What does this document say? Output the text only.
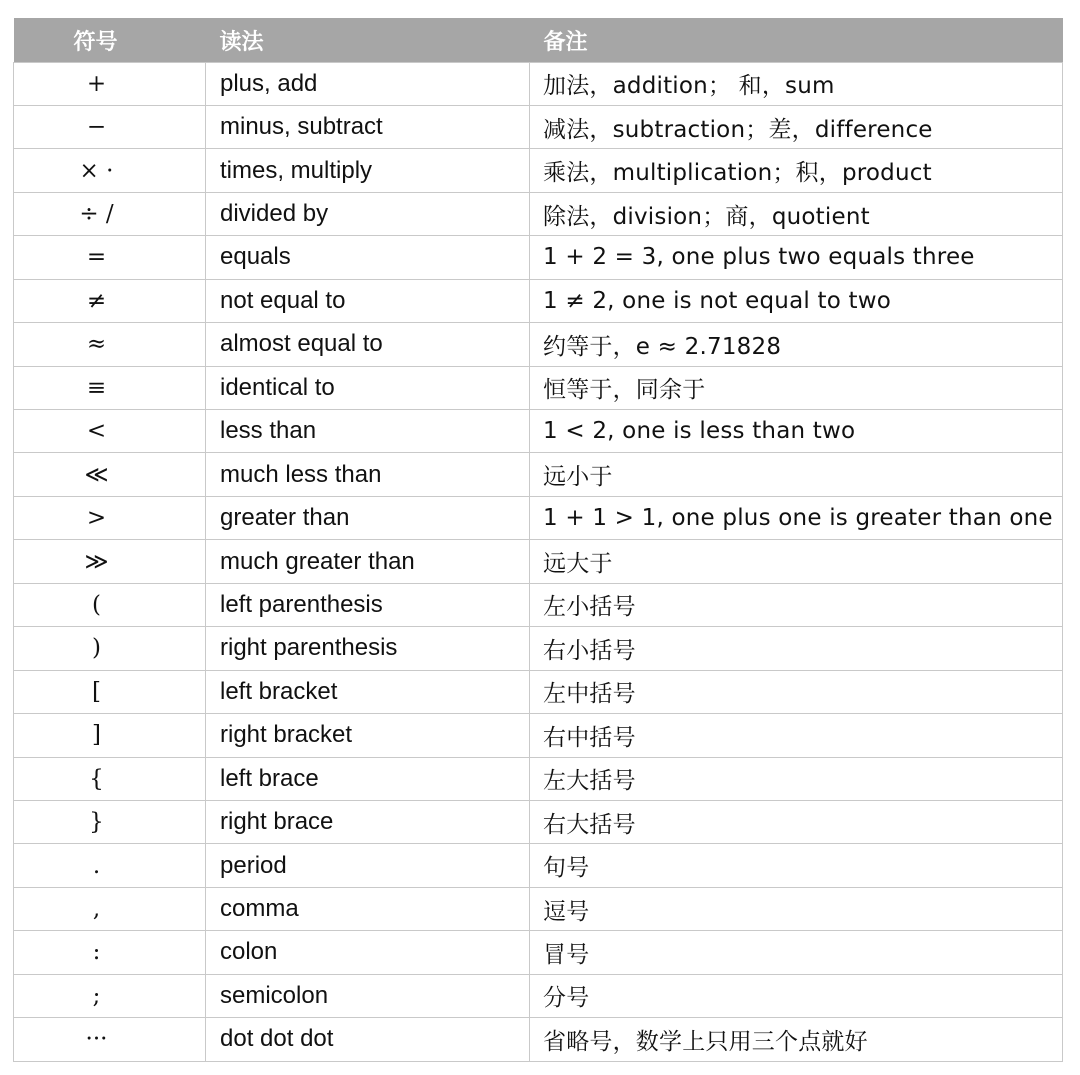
符号	读法	备注
+	plus, add	加法，addition； 和，sum
−	minus, subtract	减法，subtraction；差，difference
× ·	times, multiply	乘法，multiplication；积，product
÷ /	divided by	除法，division；商，quotient
=	equals	1 + 2 = 3, one plus two equals three
≠	not equal to	1 ≠ 2, one is not equal to two
≈	almost equal to	约等于，e ≈ 2.71828
≡	identical to	恒等于，同余于
<	less than	1 < 2, one is less than two
≪	much less than	远小于
>	greater than	1 + 1 > 1, one plus one is greater than one
≫	much greater than	远大于
(	left parenthesis	左小括号
)	right parenthesis	右小括号
[	left bracket	左中括号
]	right bracket	右中括号
{	left brace	左大括号
}	right brace	右大括号
.	period	句号
,	comma	逗号
:	colon	冒号
;	semicolon	分号
···	dot dot dot	省略号，数学上只用三个点就好
